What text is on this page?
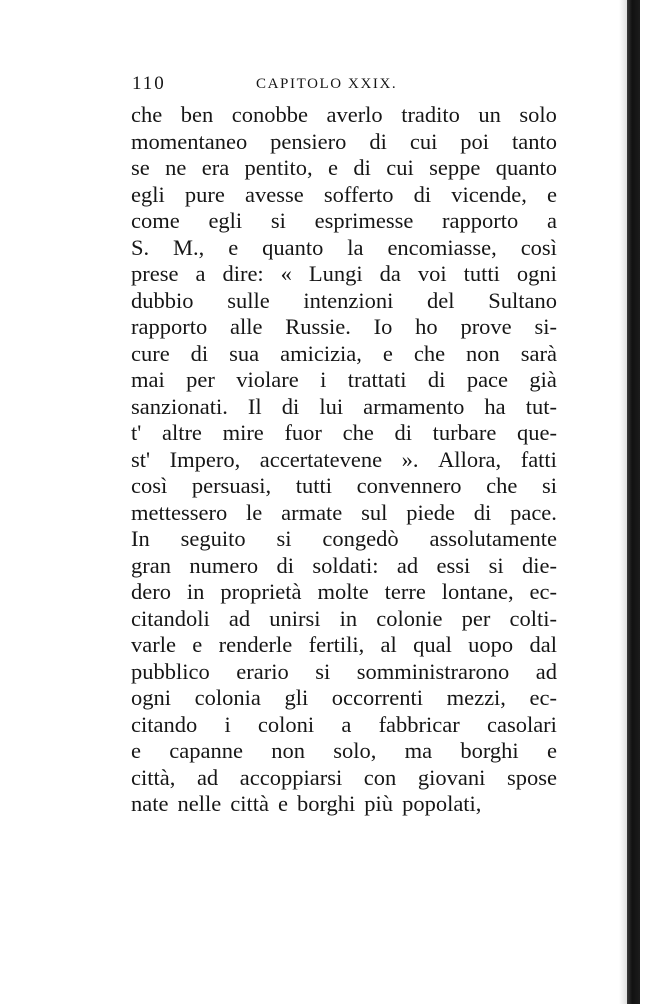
110	CAPITOLO XXIX.
che ben conobbe averlo tradito un solo
momentaneo pensiero di cui poi tanto
se ne era pentito, e di cui seppe quanto
egli pure avesse sofferto di vicende, e
come egli si esprimesse rapporto a
S. M., e quanto la encomiasse, così
prese a dire: « Lungi da voi tutti ogni
dubbio sulle intenzioni del Sultano
rapporto alle Russie. Io ho prove si-
cure di sua amicizia, e che non sarà
mai per violare i trattati di pace già
sanzionati. Il di lui armamento ha tut-
t' altre mire fuor che di turbare que-
st' Impero, accertatevene ». Allora, fatti
così persuasi, tutti convennero che si
mettessero le armate sul piede di pace.
In seguito si congedò assolutamente
gran numero di soldati: ad essi si die-
dero in proprietà molte terre lontane, ec-
citandoli ad unirsi in colonie per colti-
varle e renderle fertili, al qual uopo dal
pubblico erario si somministrarono ad
ogni colonia gli occorrenti mezzi, ec-
citando i coloni a fabbricar casolari
e capanne non solo, ma borghi e
città, ad accoppiarsi con giovani spose
nate nelle città e borghi più popolati,
